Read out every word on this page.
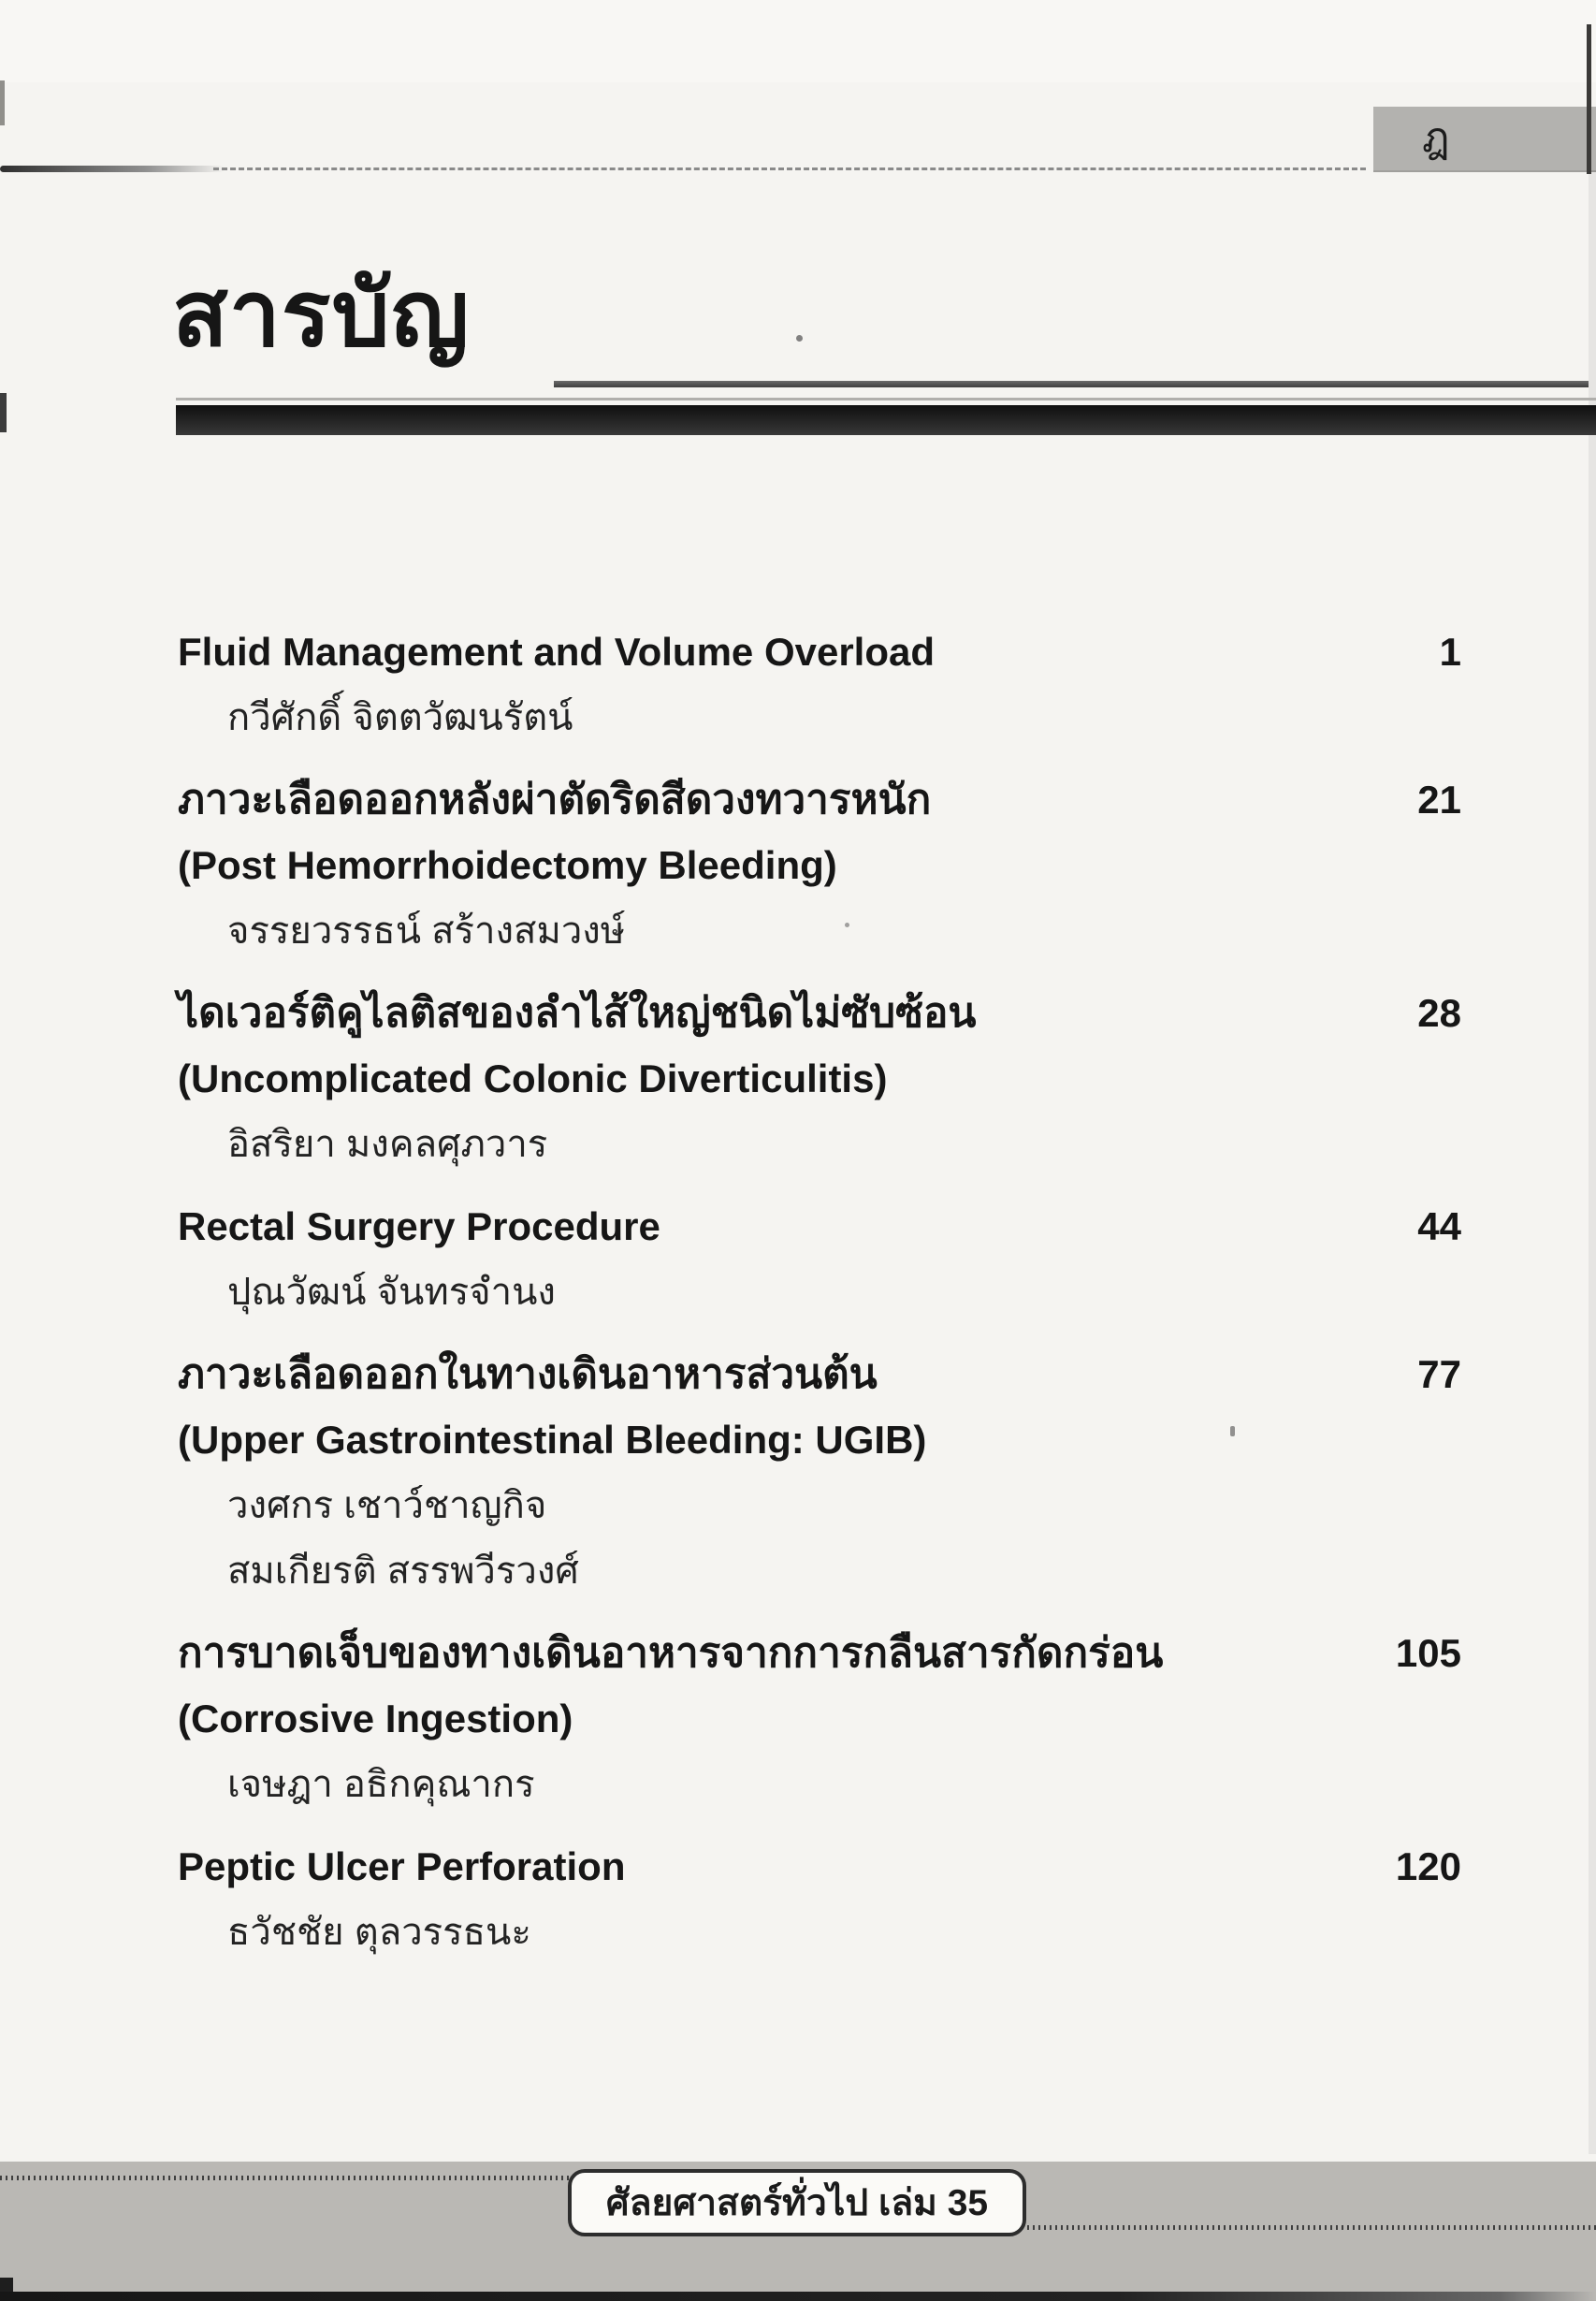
ฎ
สารบัญ
Fluid Management and Volume Overload	1
กวีศักดิ์ จิตตวัฒนรัตน์
ภาวะเลือดออกหลังผ่าตัดริดสีดวงทวารหนัก	21
(Post Hemorrhoidectomy Bleeding)
จรรยวรรธน์ สร้างสมวงษ์
ไดเวอร์ติคูไลติสของลำไส้ใหญ่ชนิดไม่ซับซ้อน	28
(Uncomplicated Colonic Diverticulitis)
อิสริยา มงคลศุภวาร
Rectal Surgery Procedure	44
ปุณวัฒน์ จันทรจำนง
ภาวะเลือดออกในทางเดินอาหารส่วนต้น	77
(Upper Gastrointestinal Bleeding: UGIB)
วงศกร เชาว์ชาญกิจ
สมเกียรติ สรรพวีรวงศ์
การบาดเจ็บของทางเดินอาหารจากการกลืนสารกัดกร่อน	105
(Corrosive Ingestion)
เจษฎา อธิกคุณากร
Peptic Ulcer Perforation	120
ธวัชชัย ตุลวรรธนะ
ศัลยศาสตร์ทั่วไป เล่ม 35
